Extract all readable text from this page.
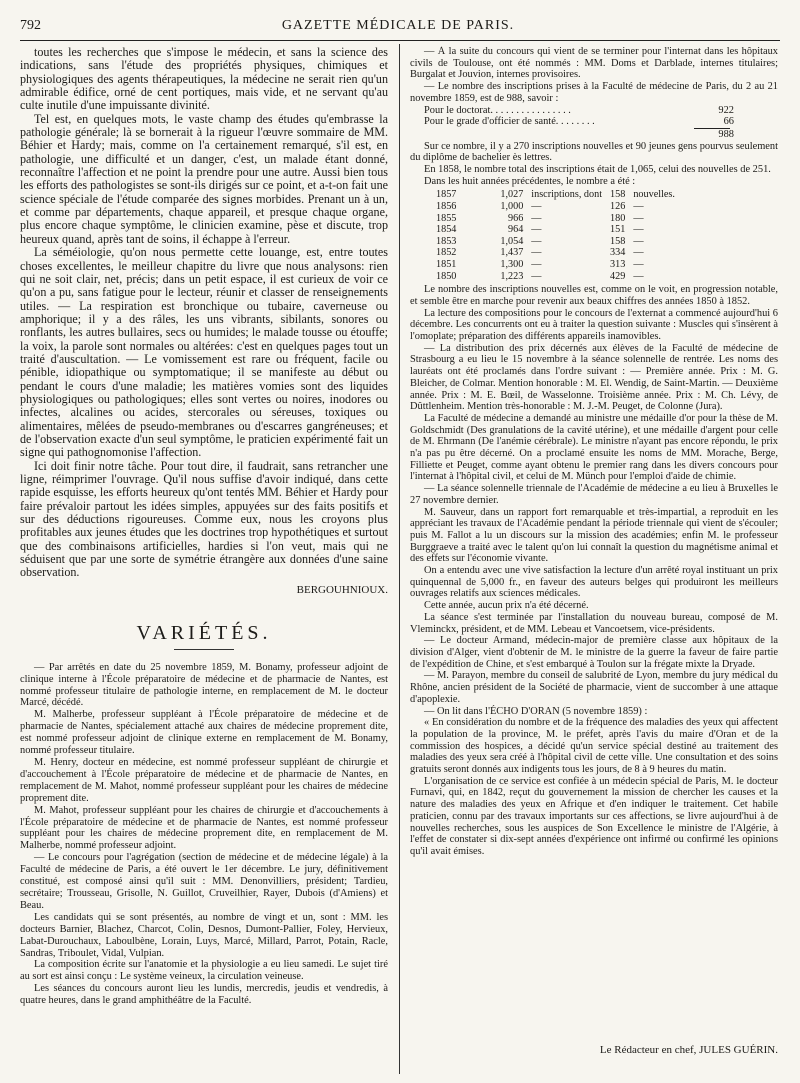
792	GAZETTE MÉDICALE DE PARIS.

toutes les recherches que s'impose le médecin, et sans la science des indications, sans l'étude des propriétés physiques, chimiques et physiologiques des agents thérapeutiques, la médecine ne serait rien qu'un admirable édifice, orné de cent portiques, mais vide, et ne servant qu'au culte inutile d'une impuissante divinité.

Tel est, en quelques mots, le vaste champ des études qu'embrasse la pathologie générale; là se bornerait à la rigueur l'œuvre sommaire de MM. Béhier et Hardy; mais, comme on l'a certainement remarqué, s'il est, en pathologie, une difficulté et un danger, c'est, un malade étant donné, reconnaître l'affection et ne point la prendre pour une autre. Aussi bien tous les efforts des pathologistes se sont-ils dirigés sur ce point, et a-t-on fait une science spéciale de l'étude comparée des signes morbides. Prenant un à un, et comme par départements, chaque appareil, et presque chaque organe, plus encore chaque symptôme, le clinicien examine, pèse et discute, trop heureux quand, après tant de soins, il échappe à l'erreur.

La séméiologie, qu'on nous permette cette louange, est, entre toutes choses excellentes, le meilleur chapitre du livre que nous analysons: rien qui ne soit clair, net, précis; dans un petit espace, il est curieux de voir ce qu'on a pu, sans fatigue pour le lecteur, réunir et classer de renseignements utiles. — La respiration est bronchique ou tubaire, caverneuse ou amphorique; il y a des râles, les uns vibrants, sibilants, sonores ou ronflants, les autres bullaires, secs ou humides; le malade tousse ou étouffe; la voix, la parole sont normales ou altérées: c'est en quelques pages tout un traité d'auscultation. — Le vomissement est rare ou fréquent, facile ou pénible, idiopathique ou symptomatique; il se manifeste au début ou pendant le cours d'une maladie; les matières vomies sont des liquides physiologiques ou pathologiques; elles sont vertes ou noires, inodores ou infectes, alcalines ou acides, stercorales ou séreuses, toxiques ou alimentaires, mêlées de pseudo-membranes ou d'escarres gangréneuses; et de l'observation exacte d'un seul symptôme, le praticien expérimenté fait un signe qui pathognomonise l'affection.

Ici doit finir notre tâche. Pour tout dire, il faudrait, sans retrancher une ligne, réimprimer l'ouvrage. Qu'il nous suffise d'avoir indiqué, dans cette rapide esquisse, les efforts heureux qu'ont tentés MM. Béhier et Hardy pour faire prévaloir partout les idées simples, appuyées sur des faits positifs et sur des déductions rigoureuses. Comme eux, nous les croyons plus profitables aux jeunes études que les doctrines trop hypothétiques et surtout que des combinaisons artificielles, hardies si l'on veut, mais qui ne séduisent que par une sorte de symétrie étrangère aux données d'une saine observation.

BERGOUHNIOUX.
VARIÉTÉS.

— Par arrêtés en date du 25 novembre 1859, M. Bonamy, professeur adjoint de clinique interne à l'École préparatoire de médecine et de pharmacie de Nantes, est nommé professeur titulaire de pathologie interne, en remplacement de M. le docteur Marcé, décédé.

M. Malherbe, professeur suppléant à l'École préparatoire de médecine et de pharmacie de Nantes, spécialement attaché aux chaires de médecine proprement dite, est nommé professeur adjoint de clinique externe en remplacement de M. Bonamy, nommé professeur titulaire.

M. Henry, docteur en médecine, est nommé professeur suppléant de chirurgie et d'accouchement à l'École préparatoire de médecine et de pharmacie de Nantes, en remplacement de M. Mahot, nommé professeur suppléant pour les chaires de médecine proprement dite.

M. Mahot, professeur suppléant pour les chaires de chirurgie et d'accouchements à l'École préparatoire de médecine et de pharmacie de Nantes, est nommé professeur suppléant pour les chaires de médecine proprement dite, en remplacement de M. Malherbe, nommé professeur adjoint.

— Le concours pour l'agrégation (section de médecine et de médecine légale) à la Faculté de médecine de Paris, a été ouvert le 1er décembre. Le jury, définitivement constitué, est composé ainsi qu'il suit : MM. Denonvilliers, président; Tardieu, secrétaire; Trousseau, Grisolle, N. Guillot, Cruveilhier, Rayer, Dubois (d'Amiens) et Beau.

Les candidats qui se sont présentés, au nombre de vingt et un, sont : MM. les docteurs Barnier, Blachez, Charcot, Colin, Desnos, Dumont-Pallier, Foley, Hervieux, Labat-Durouchaux, Laboulbène, Lorain, Luys, Marcé, Millard, Parrot, Potain, Racle, Sandras, Triboulet, Vidal, Vulpian.

La composition écrite sur l'anatomie et la physiologie a eu lieu samedi. Le sujet tiré au sort est ainsi conçu : Le système veineux, la circulation veineuse.

Les séances du concours auront lieu les lundis, mercredis, jeudis et vendredis, à quatre heures, dans le grand amphithéâtre de la Faculté.

— À la suite du concours qui vient de se terminer pour l'internat dans les hôpitaux civils de Toulouse, ont été nommés : MM. Doms et Darblade, internes titulaires; Burgalat et Jouvion, internes provisoires.

— Le nombre des inscriptions prises à la Faculté de médecine de Paris, du 2 au 21 novembre 1859, est de 988, savoir :

Pour le doctorat. . . . . . . . . . . . . . . .	922
Pour le grade d'officier de santé. . . . . . . .	66
988

Sur ce nombre, il y a 270 inscriptions nouvelles et 90 jeunes gens pourvus seulement du diplôme de bachelier ès lettres.

En 1858, le nombre total des inscriptions était de 1,065, celui des nouvelles de 251.

Dans les huit années précédentes, le nombre a été :

1857	1,027	inscriptions, dont	158	nouvelles.
1856	1,000	—	126	—
1855	966	—	180	—
1854	964	—	151	—
1853	1,054	—	158	—
1852	1,437	—	334	—
1851	1,300	—	313	—
1850	1,223	—	429	—

Le nombre des inscriptions nouvelles est, comme on le voit, en progression notable, et semble être en marche pour revenir aux beaux chiffres des années 1850 à 1852.

La lecture des compositions pour le concours de l'externat a commencé aujourd'hui 6 décembre. Les concurrents ont eu à traiter la question suivante : Muscles qui s'insèrent à l'omoplate; préparation des différents appareils inamovibles.

— La distribution des prix décernés aux élèves de la Faculté de médecine de Strasbourg a eu lieu le 15 novembre à la séance solennelle de rentrée. Les noms des lauréats ont été proclamés dans l'ordre suivant : — Première année. Prix : M. G. Bleicher, de Colmar. Mention honorable : M. El. Wendig, de Saint-Martin. — Deuxième année. Prix : M. E. Bœil, de Wasselonne. Troisième année. Prix : M. Ch. Lévy, de Dûttlenheim. Mention très-honorable : M. J.-M. Peuget, de Colonne (Jura).

La Faculté de médecine a demandé au ministre une médaille d'or pour la thèse de M. Goldschmidt (Des granulations de la cavité utérine), et une médaille d'argent pour celle de M. Ehrmann (De l'anémie cérébrale). Le ministre n'ayant pas encore répondu, le prix n'a pas pu être décerné. On a proclamé ensuite les noms de MM. Morache, Berge, Filliette et Peuget, comme ayant obtenu le premier rang dans les divers concours pour l'internat à l'hôpital civil, et celui de M. Münch pour l'emploi d'aide de chimie.

— La séance solennelle triennale de l'Académie de médecine a eu lieu à Bruxelles le 27 novembre dernier.

M. Sauveur, dans un rapport fort remarquable et très-impartial, a reproduit en les appréciant les travaux de l'Académie pendant la période triennale qui vient de s'écouler; puis M. Fallot a lu un discours sur la mission des académies; enfin M. le professeur Burggraeve a traité avec le talent qu'on lui connaît la question du magnétisme animal et des effets sur l'économie vivante.

On a entendu avec une vive satisfaction la lecture d'un arrêté royal instituant un prix quinquennal de 5,000 fr., en faveur des auteurs belges qui produiront les meilleurs ouvrages relatifs aux sciences médicales.

Cette année, aucun prix n'a été décerné.

La séance s'est terminée par l'installation du nouveau bureau, composé de M. Vleminckx, président, et de MM. Lebeau et Vancoetsem, vice-présidents.

— Le docteur Armand, médecin-major de première classe aux hôpitaux de la division d'Alger, vient d'obtenir de M. le ministre de la guerre la faveur de faire partie de l'expédition de Chine, et s'est embarqué à Toulon sur la frégate mixte la Dryade.

— M. Parayon, membre du conseil de salubrité de Lyon, membre du jury médical du Rhône, ancien président de la Société de pharmacie, vient de succomber à une attaque d'apoplexie.

— On lit dans l'ÉCHO D'ORAN (5 novembre 1859) :

« En considération du nombre et de la fréquence des maladies des yeux qui affectent la population de la province, M. le préfet, après l'avis du maire d'Oran et de la commission des hospices, a décidé qu'un service spécial destiné au traitement des maladies des yeux sera créé à l'hôpital civil de cette ville. Une consultation et des soins gratuits seront donnés aux indigents tous les jours, de 8 à 9 heures du matin.

L'organisation de ce service est confiée à un médecin spécial de Paris, M. le docteur Furnavi, qui, en 1842, reçut du gouvernement la mission de chercher les causes et la nature des maladies des yeux en Afrique et d'en indiquer le traitement. Cet habile praticien, connu par des travaux importants sur ces affections, se livre aujourd'hui à de nouvelles recherches, sous les auspices de Son Excellence le ministre de l'Algérie, à l'effet de constater si dix-sept années d'expérience ont infirmé ou confirmé les opinions qu'il avait émises.

Le Rédacteur en chef, JULES GUÉRIN.
